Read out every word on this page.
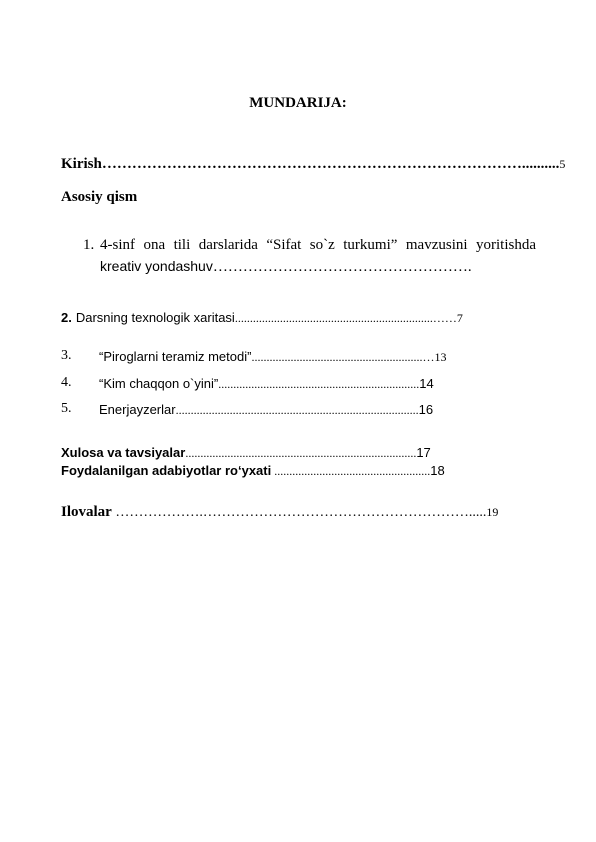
MUNDARIJA:
Kirish…………………………………………………………………………..........5
Asosiy qism
1. 4-sinf ona tili darslarida “Sifat so`z turkumi” mavzusini yoritishda
kreativ yondashuv…………………………………………….
2. Darsning texnologik xaritasi..................................................................……7
3. “Piroglarni teramiz metodi”.........................................................…13
4. “Kim chaqqon o`yini”...................................................................14
5. Enerjayzerlar.................................................................................16
Xulosa va tavsiyalar.............................................................................17
Foydalanilgan adabiyotlar ro‘yxati ....................................................18
Ilovalar ……………….………………………………………………….....19
